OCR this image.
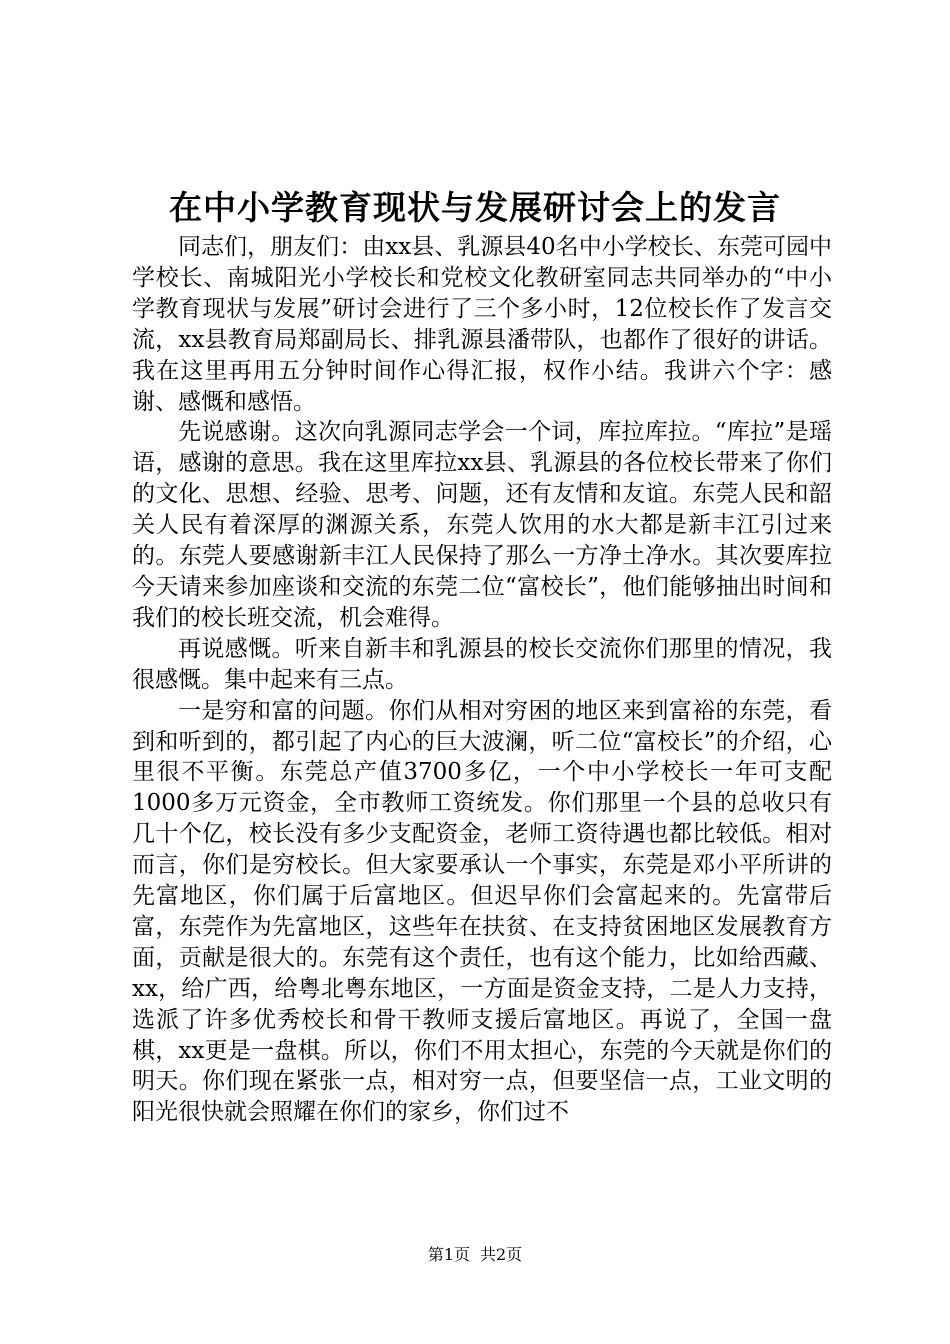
在中小学教育现状与发展研讨会上的发言

同志们，朋友们：由xx县、乳源县40名中小学校长、东莞可园中学校长、南城阳光小学校长和党校文化教研室同志共同举办的“中小学教育现状与发展”研讨会进行了三个多小时，12位校长作了发言交流，xx县教育局郑副局长、排乳源县潘带队，也都作了很好的讲话。我在这里再用五分钟时间作心得汇报，权作小结。我讲六个字：感谢、感慨和感悟。

先说感谢。这次向乳源同志学会一个词，库拉库拉。“库拉”是瑶语，感谢的意思。我在这里库拉xx县、乳源县的各位校长带来了你们的文化、思想、经验、思考、问题，还有友情和友谊。东莞人民和韶关人民有着深厚的渊源关系，东莞人饮用的水大都是新丰江引过来的。东莞人要感谢新丰江人民保持了那么一方净土净水。其次要库拉今天请来参加座谈和交流的东莞二位“富校长”，他们能够抽出时间和我们的校长班交流，机会难得。

再说感慨。听来自新丰和乳源县的校长交流你们那里的情况，我很感慨。集中起来有三点。

一是穷和富的问题。你们从相对穷困的地区来到富裕的东莞，看到和听到的，都引起了内心的巨大波澜，听二位“富校长”的介绍，心里很不平衡。东莞总产值3700多亿，一个中小学校长一年可支配1000多万元资金，全市教师工资统发。你们那里一个县的总收只有几十个亿，校长没有多少支配资金，老师工资待遇也都比较低。相对而言，你们是穷校长。但大家要承认一个事实，东莞是邓小平所讲的先富地区，你们属于后富地区。但迟早你们会富起来的。先富带后富，东莞作为先富地区，这些年在扶贫、在支持贫困地区发展教育方面，贡献是很大的。东莞有这个责任，也有这个能力，比如给西藏、xx，给广西，给粤北粤东地区，一方面是资金支持，二是人力支持，选派了许多优秀校长和骨干教师支援后富地区。再说了，全国一盘棋，xx更是一盘棋。所以，你们不用太担心，东莞的今天就是你们的明天。你们现在紧张一点，相对穷一点，但要坚信一点，工业文明的阳光很快就会照耀在你们的家乡，你们过不

第1页 共2页
